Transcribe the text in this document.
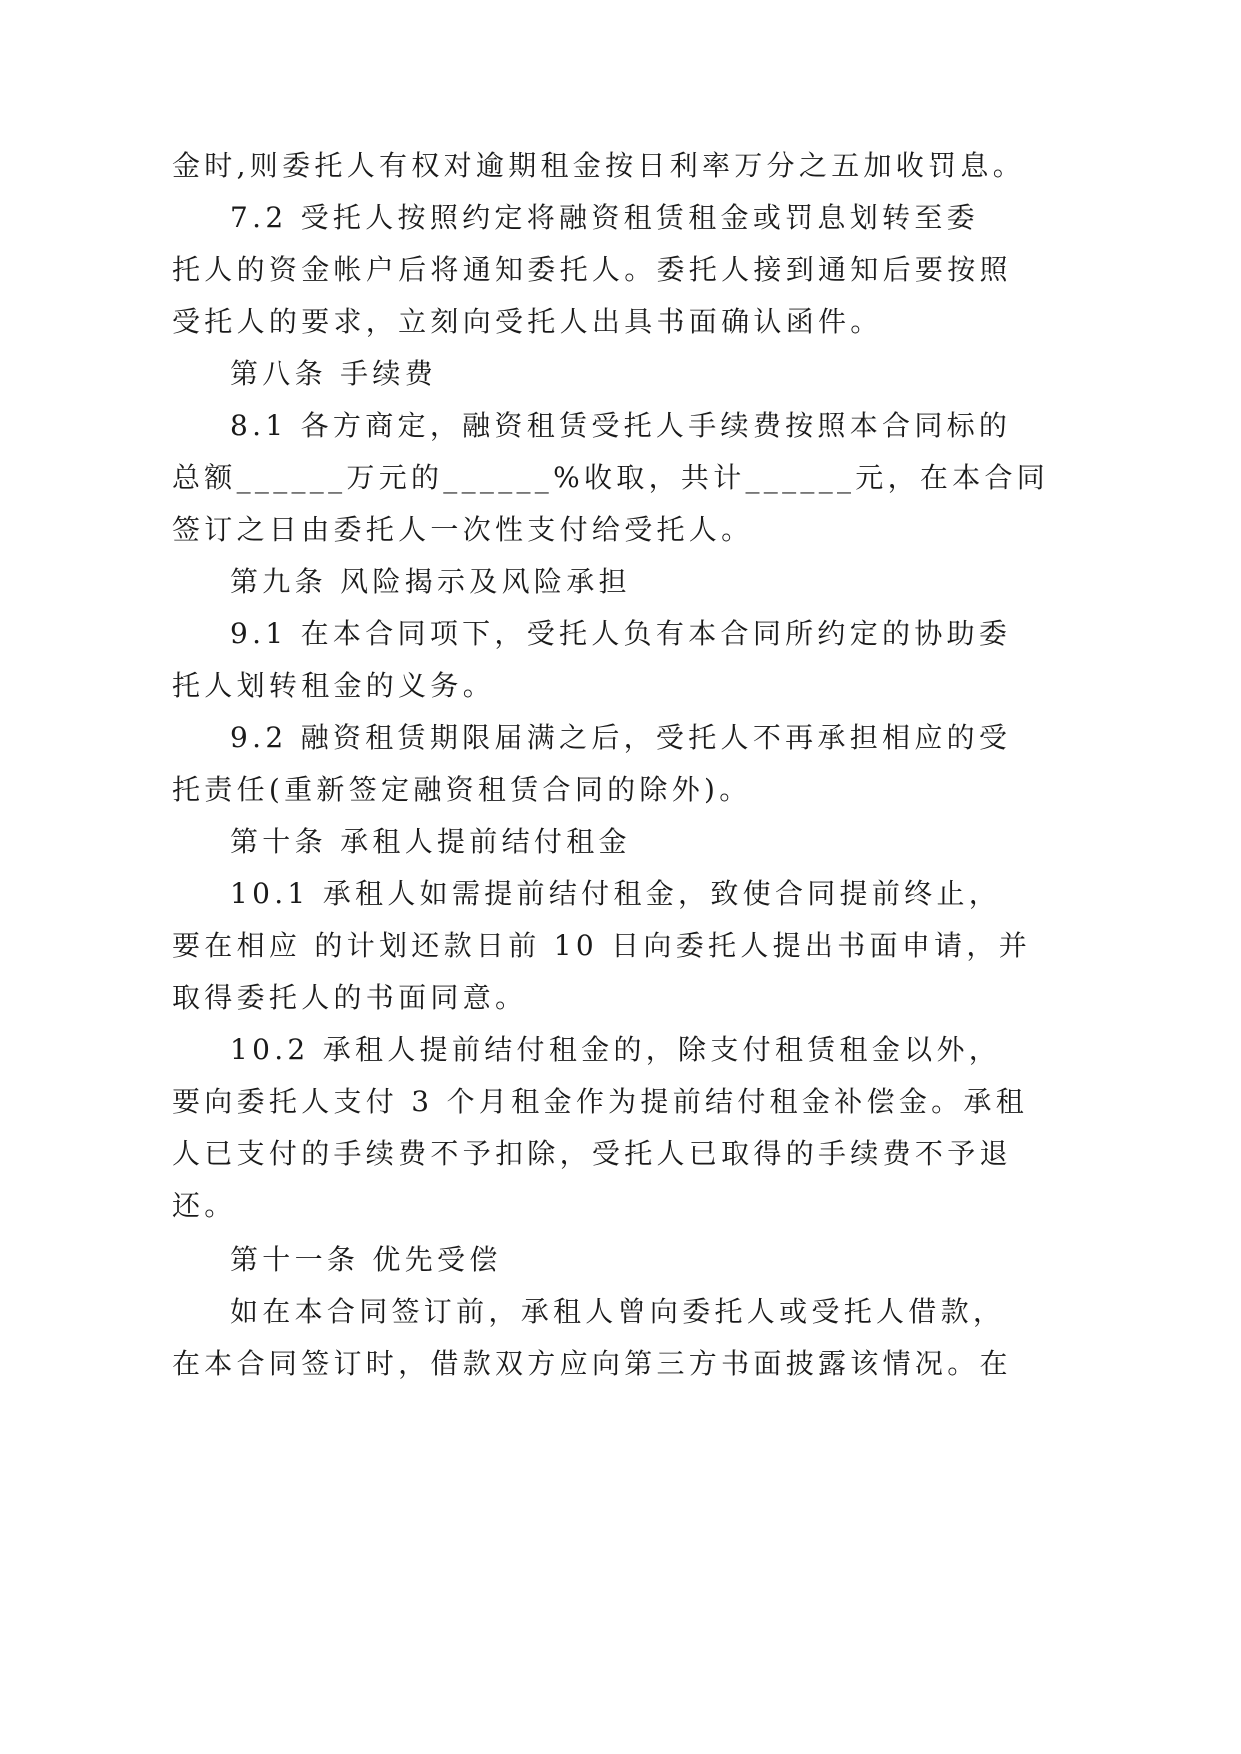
金时,则委托人有权对逾期租金按日利率万分之五加收罚息。
7.2 受托人按照约定将融资租赁租金或罚息划转至委
托人的资金帐户后将通知委托人。委托人接到通知后要按照
受托人的要求，立刻向受托人出具书面确认函件。
第八条 手续费
8.1 各方商定，融资租赁受托人手续费按照本合同标的
总额______万元的______%收取，共计______元，在本合同
签订之日由委托人一次性支付给受托人。
第九条 风险揭示及风险承担
9.1 在本合同项下，受托人负有本合同所约定的协助委
托人划转租金的义务。
9.2 融资租赁期限届满之后，受托人不再承担相应的受
托责任(重新签定融资租赁合同的除外)。
第十条 承租人提前结付租金
10.1 承租人如需提前结付租金，致使合同提前终止，
要在相应 的计划还款日前 10 日向委托人提出书面申请，并
取得委托人的书面同意。
10.2 承租人提前结付租金的，除支付租赁租金以外，
要向委托人支付 3 个月租金作为提前结付租金补偿金。承租
人已支付的手续费不予扣除，受托人已取得的手续费不予退
还。
第十一条 优先受偿
如在本合同签订前，承租人曾向委托人或受托人借款，
在本合同签订时，借款双方应向第三方书面披露该情况。在
